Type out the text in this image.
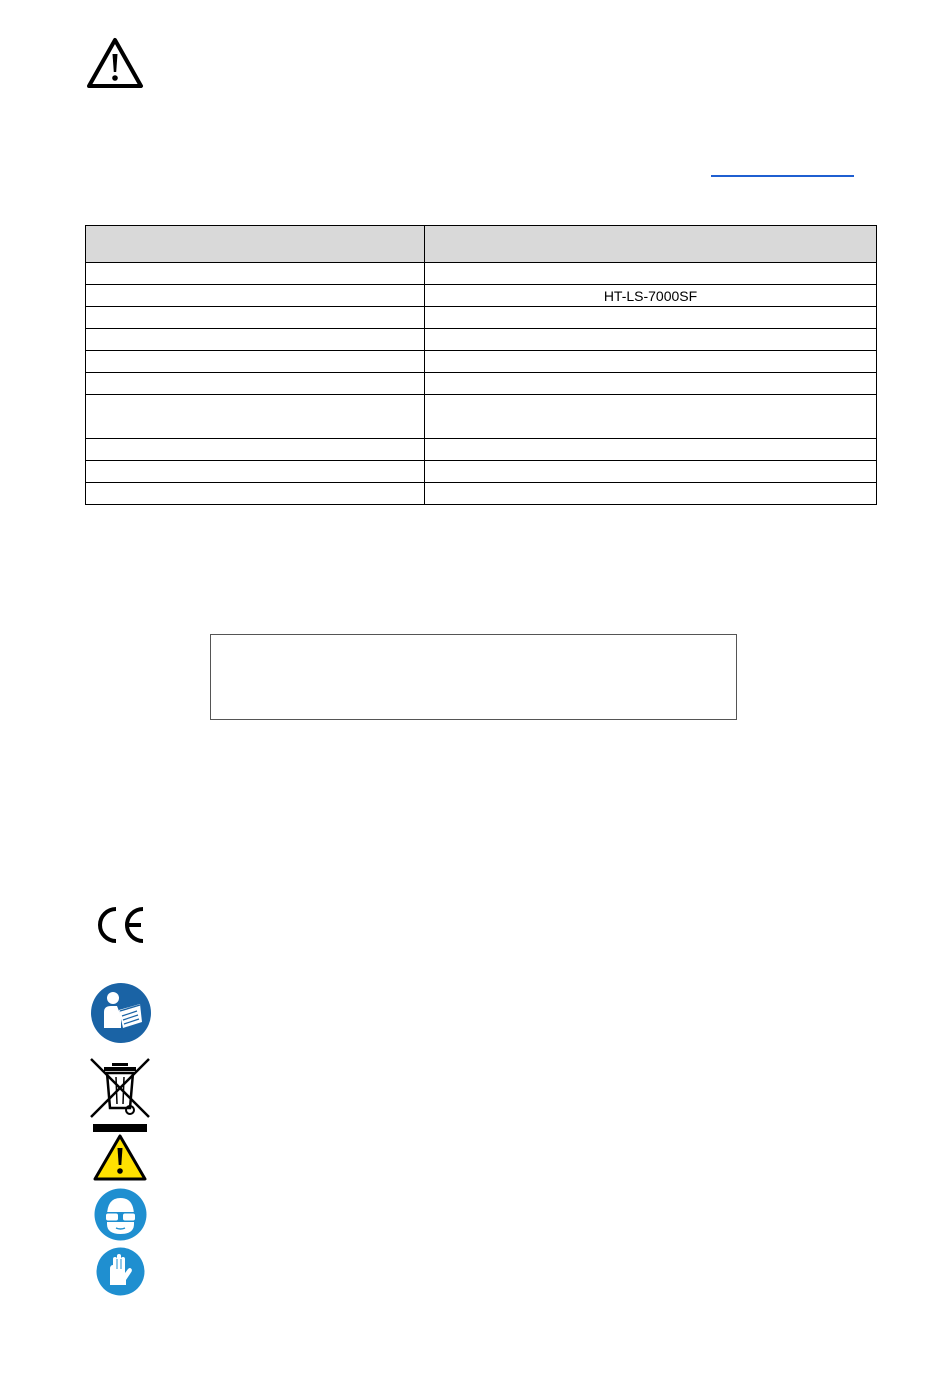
	HT-LS-7000SF
